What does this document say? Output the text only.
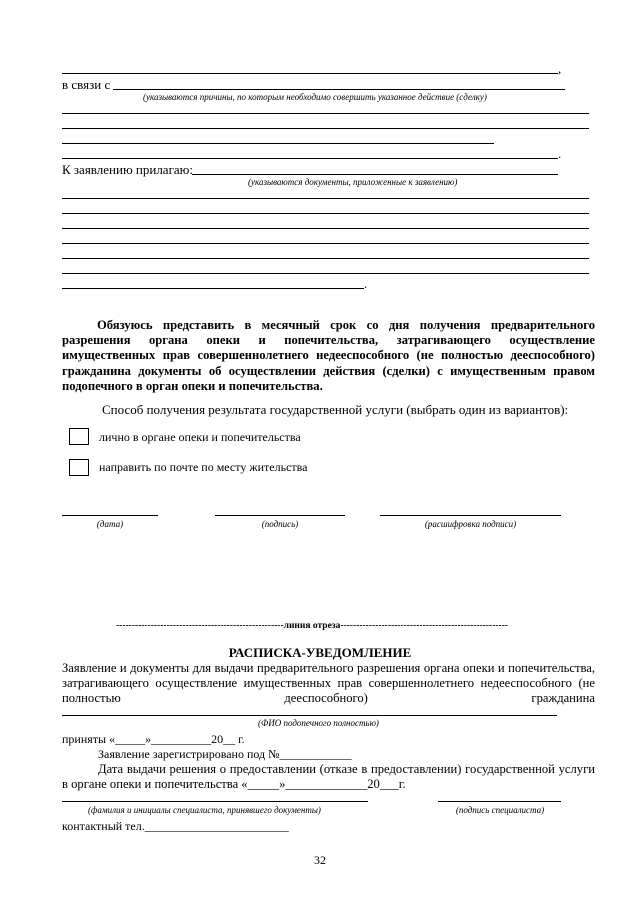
,
в связи с
(указываются причины, по которым необходимо совершить указанное действие (сделку)
.
К заявлению прилагаю:
(указываются документы, приложенные к заявлению)
.
Обязуюсь представить в месячный срок со дня получения предварительного разрешения органа опеки и попечительства, затрагивающего осуществление имущественных прав совершеннолетнего недееспособного (не полностью дееспособного) гражданина документы об осуществлении действия (сделки) с имущественным правом подопечного в орган опеки и попечительства.
Способ получения результата государственной услуги (выбрать один из вариантов):
лично в органе опеки и попечительства
направить по почте по месту жительства
(дата)	(подпись)	(расшифровка подписи)
-----------------------------------------------------линия отреза-----------------------------------------------------
РАСПИСКА-УВЕДОМЛЕНИЕ
Заявление и документы для выдачи предварительного разрешения органа опеки и попечительства, затрагивающего осуществление имущественных прав совершеннолетнего недееспособного (не полностью дееспособного) гражданина
(ФИО подопечного полностью)
приняты «_____»__________20__ г.
Заявление зарегистрировано под №____________
Дата выдачи решения о предоставлении (отказе в предоставлении) государственной услуги в органе опеки и попечительства «_____»_____________20___г.
(фамилия и инициалы специалиста, принявшего документы)	(подпись специалиста)
контактный тел.________________________
32
